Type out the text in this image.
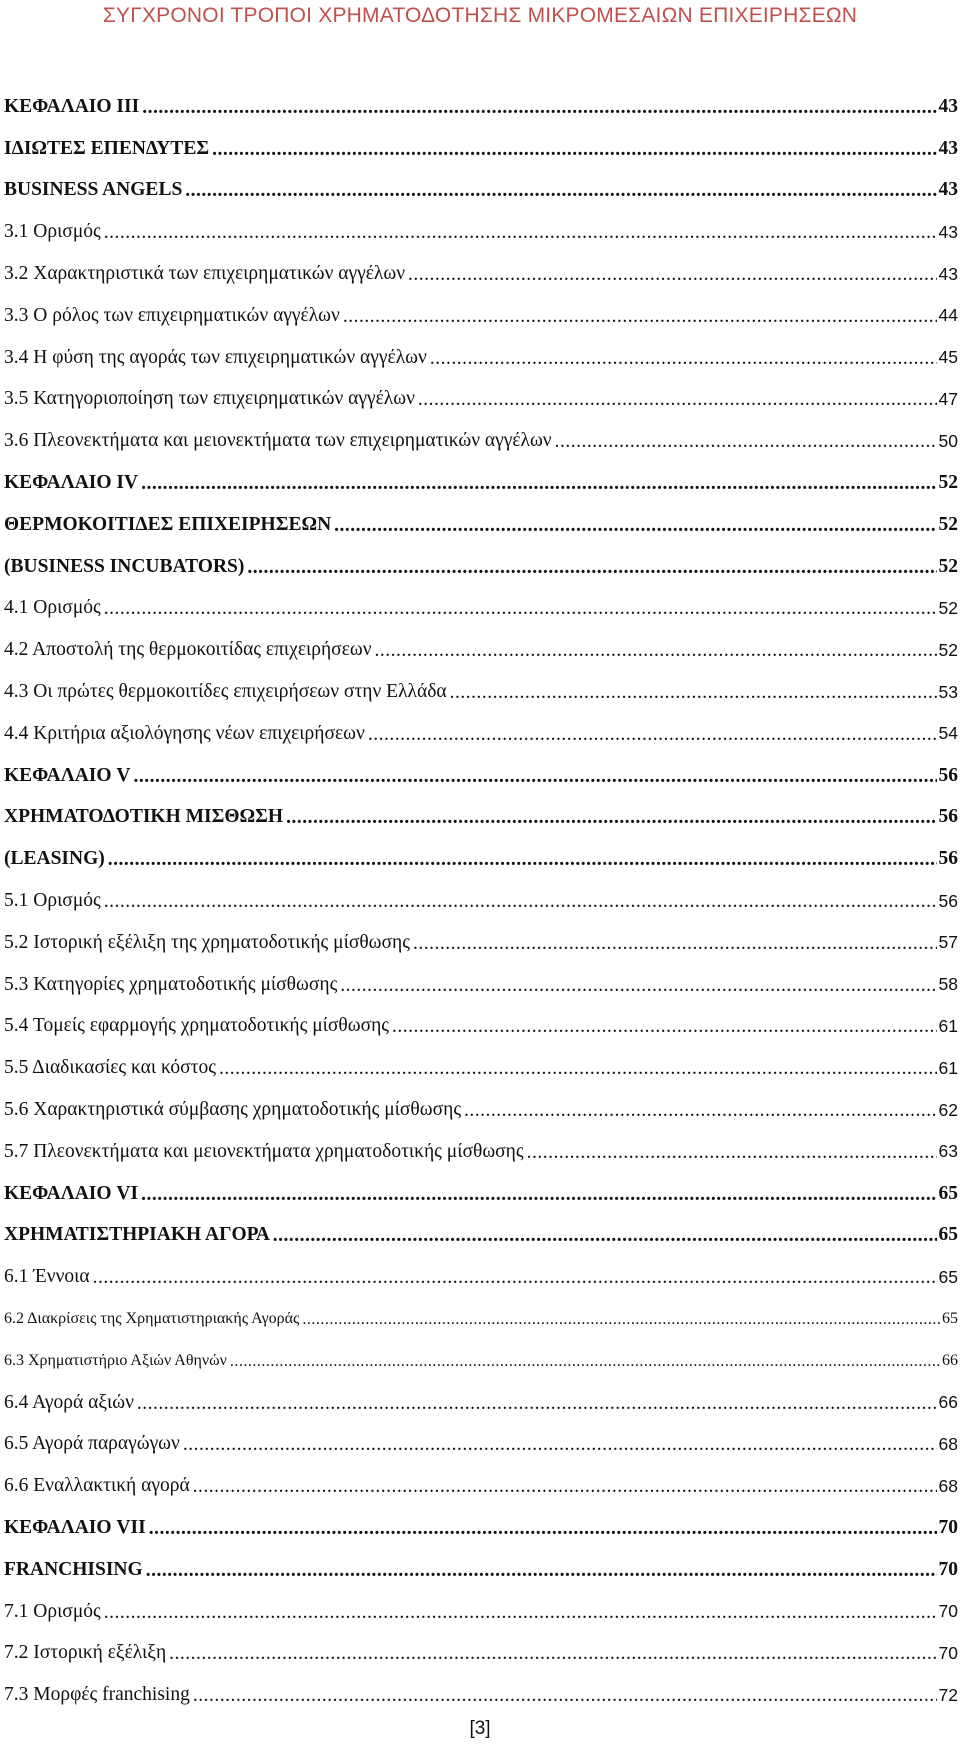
ΣΥΓΧΡΟΝΟΙ ΤΡΟΠΟΙ ΧΡΗΜΑΤΟΔΟΤΗΣΗΣ ΜΙΚΡΟΜΕΣΑΙΩΝ ΕΠΙΧΕΙΡΗΣΕΩΝ
ΚΕΦΑΛΑΙΟ ΙΙΙ .....	43
ΙΔΙΩΤΕΣ ΕΠΕΝΔΥΤΕΣ .....	43
BUSINESS ANGELS .....	43
3.1 Ορισμός .....	43
3.2 Χαρακτηριστικά των επιχειρηματικών αγγέλων .....	43
3.3 Ο ρόλος των επιχειρηματικών αγγέλων .....	44
3.4 Η φύση της αγοράς των επιχειρηματικών αγγέλων .....	45
3.5 Κατηγοριοποίηση των επιχειρηματικών αγγέλων .....	47
3.6 Πλεονεκτήματα και μειονεκτήματα των επιχειρηματικών αγγέλων .....	50
ΚΕΦΑΛΑΙΟ IV .....	52
ΘΕΡΜΟΚΟΙΤΙΔΕΣ ΕΠΙΧΕΙΡΗΣΕΩΝ .....	52
(BUSINESS INCUBATORS) .....	52
4.1 Ορισμός .....	52
4.2 Αποστολή της θερμοκοιτίδας επιχειρήσεων .....	52
4.3 Οι πρώτες θερμοκοιτίδες επιχειρήσεων στην Ελλάδα .....	53
4.4 Κριτήρια αξιολόγησης νέων επιχειρήσεων .....	54
ΚΕΦΑΛΑΙΟ V .....	56
ΧΡΗΜΑΤΟΔΟΤΙΚΗ ΜΙΣΘΩΣΗ .....	56
(LEASING) .....	56
5.1 Ορισμός .....	56
5.2 Ιστορική εξέλιξη της χρηματοδοτικής μίσθωσης .....	57
5.3 Κατηγορίες χρηματοδοτικής μίσθωσης .....	58
5.4 Τομείς εφαρμογής χρηματοδοτικής μίσθωσης .....	61
5.5 Διαδικασίες και κόστος .....	61
5.6 Χαρακτηριστικά σύμβασης χρηματοδοτικής μίσθωσης .....	62
5.7 Πλεονεκτήματα και μειονεκτήματα χρηματοδοτικής μίσθωσης .....	63
ΚΕΦΑΛΑΙΟ VI .....	65
ΧΡΗΜΑΤΙΣΤΗΡΙΑΚΗ ΑΓΟΡΑ .....	65
6.1 Έννοια .....	65
6.2 Διακρίσεις της Χρηματιστηριακής Αγοράς .....	65
6.3 Χρηματιστήριο Αξιών Αθηνών .....	66
6.4 Αγορά αξιών .....	66
6.5 Αγορά παραγώγων .....	68
6.6 Εναλλακτική αγορά .....	68
ΚΕΦΑΛΑΙΟ VII .....	70
FRANCHISING .....	70
7.1 Ορισμός .....	70
7.2 Ιστορική εξέλιξη .....	70
7.3 Μορφές franchising .....	72
[3]
